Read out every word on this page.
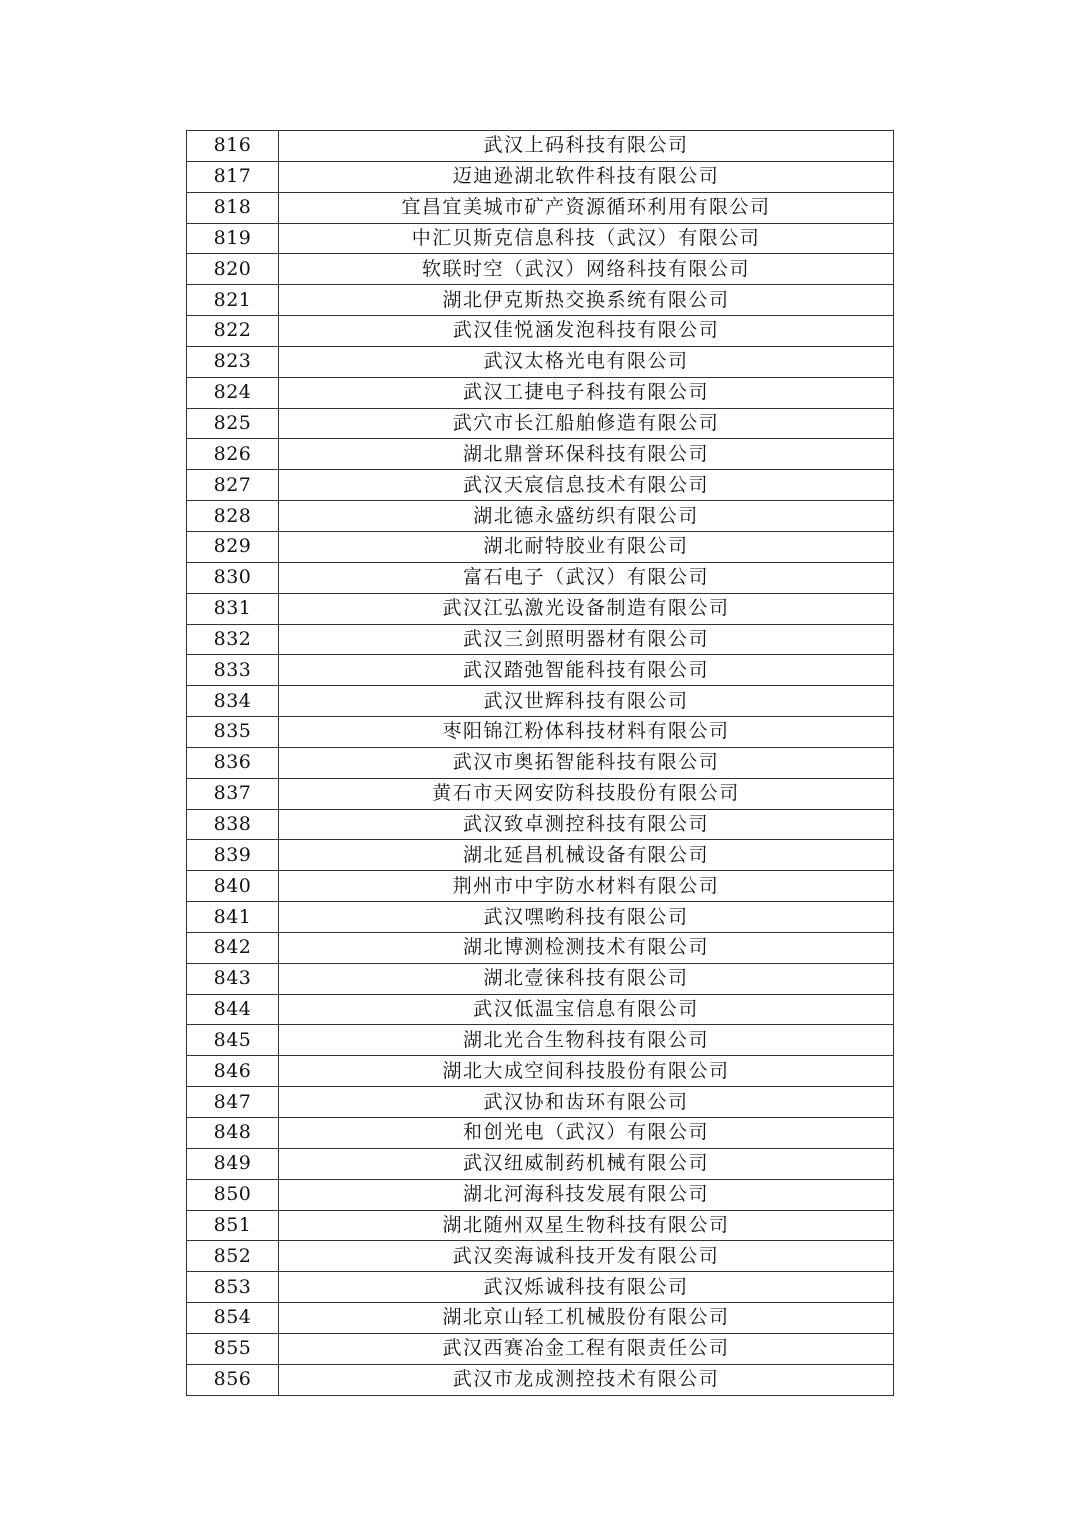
816	武汉上码科技有限公司
817	迈迪逊湖北软件科技有限公司
818	宜昌宜美城市矿产资源循环利用有限公司
819	中汇贝斯克信息科技（武汉）有限公司
820	软联时空（武汉）网络科技有限公司
821	湖北伊克斯热交换系统有限公司
822	武汉佳悦涵发泡科技有限公司
823	武汉太格光电有限公司
824	武汉工捷电子科技有限公司
825	武穴市长江船舶修造有限公司
826	湖北鼎誉环保科技有限公司
827	武汉天宸信息技术有限公司
828	湖北德永盛纺织有限公司
829	湖北耐特胶业有限公司
830	富石电子（武汉）有限公司
831	武汉江弘激光设备制造有限公司
832	武汉三剑照明器材有限公司
833	武汉踏弛智能科技有限公司
834	武汉世辉科技有限公司
835	枣阳锦江粉体科技材料有限公司
836	武汉市奥拓智能科技有限公司
837	黄石市天网安防科技股份有限公司
838	武汉致卓测控科技有限公司
839	湖北延昌机械设备有限公司
840	荆州市中宇防水材料有限公司
841	武汉嘿哟科技有限公司
842	湖北博测检测技术有限公司
843	湖北壹徕科技有限公司
844	武汉低温宝信息有限公司
845	湖北光合生物科技有限公司
846	湖北大成空间科技股份有限公司
847	武汉协和齿环有限公司
848	和创光电（武汉）有限公司
849	武汉纽威制药机械有限公司
850	湖北河海科技发展有限公司
851	湖北随州双星生物科技有限公司
852	武汉奕海诚科技开发有限公司
853	武汉烁诚科技有限公司
854	湖北京山轻工机械股份有限公司
855	武汉西赛冶金工程有限责任公司
856	武汉市龙成测控技术有限公司
